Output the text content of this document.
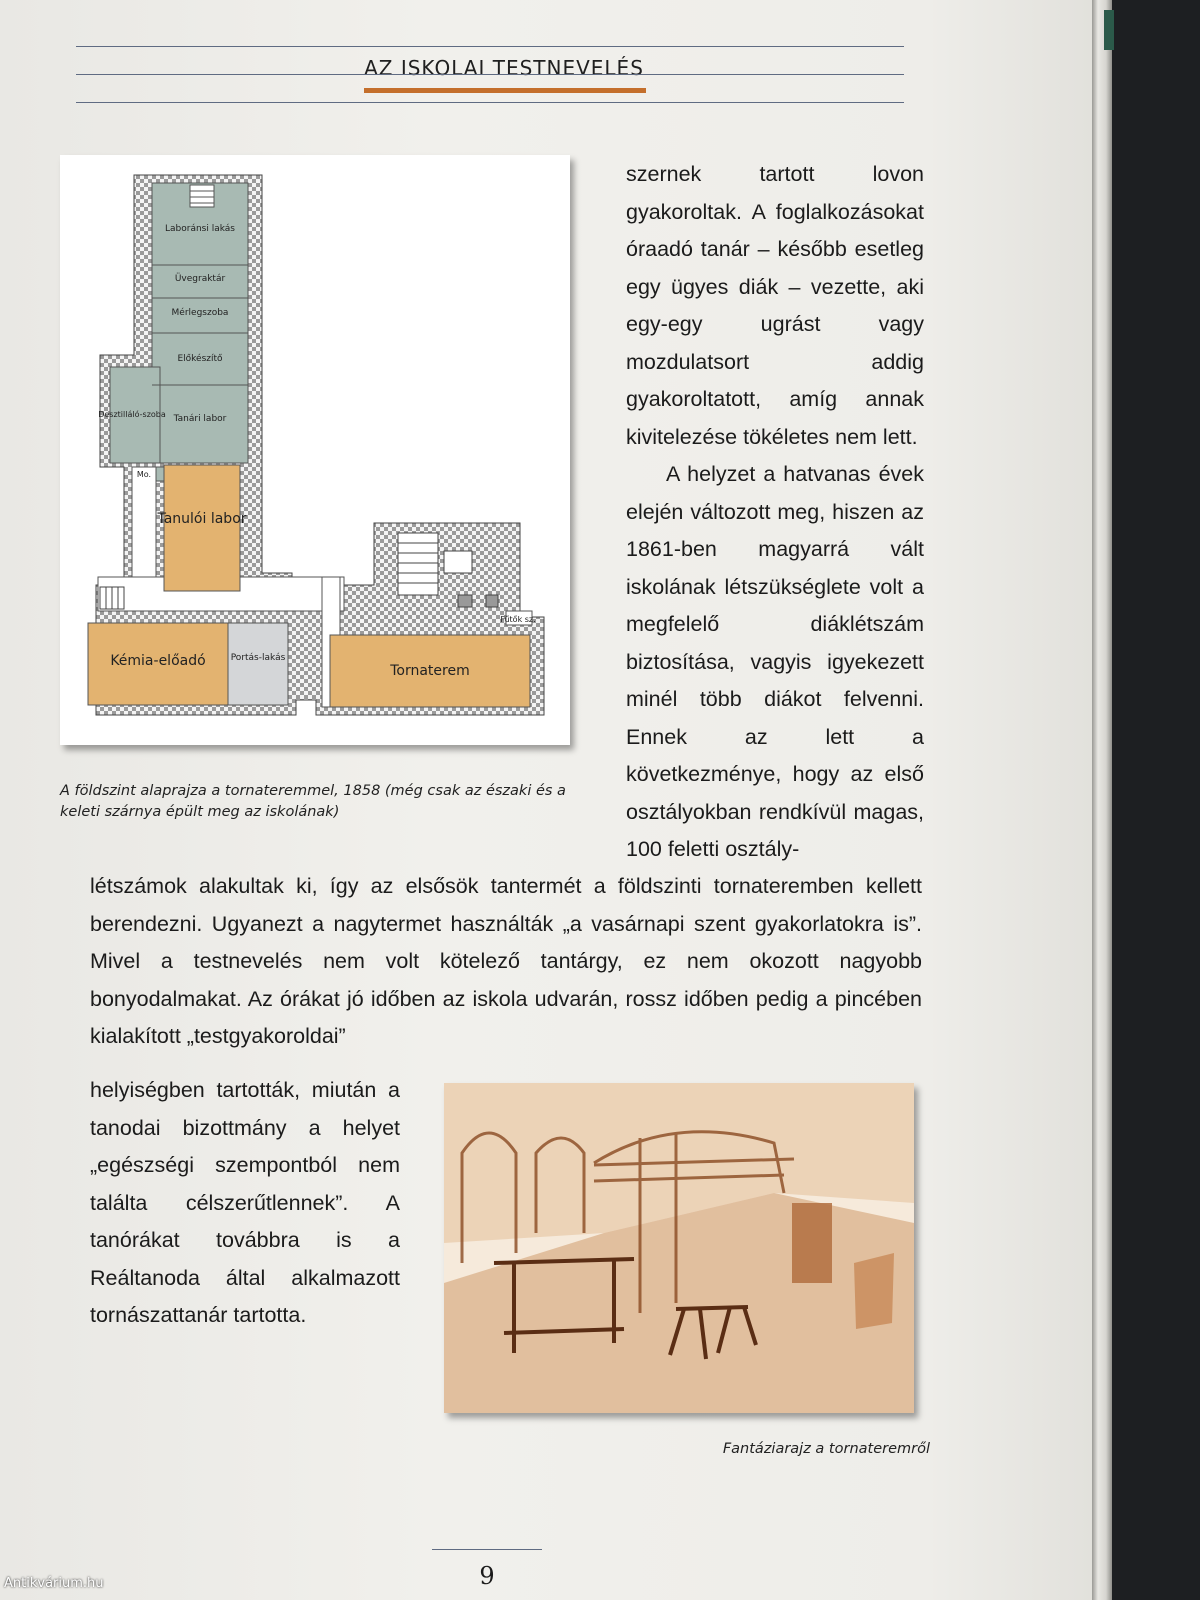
AZ ISKOLAI TESTNEVELÉS
Laboránsi lakás
Üvegraktár
Mérlegszoba
Előkészítő
Tanári labor
Desztilláló-szoba
Mo.
Tanulói labor
Kémia-előadó	Portás-lakás
Tornaterem
Fűtők sz.
A földszint alaprajza a tornateremmel, 1858 (még csak az északi és a keleti szárnya épült meg az iskolának)

szernek tartott lovon gyakoroltak. A foglalkozásokat óraadó tanár – később esetleg egy ügyes diák – vezette, aki egy-egy ugrást vagy mozdulatsort addig gyakoroltatott, amíg annak kivitelezése tökéletes nem lett.

A helyzet a hatvanas évek elején változott meg, hiszen az 1861-ben magyarrá vált iskolának létszükséglete volt a megfelelő diáklétszám biztosítása, vagyis igyekezett minél több diákot felvenni. Ennek az lett a következménye, hogy az első osztályokban rendkívül magas, 100 feletti osztály-

létszámok alakultak ki, így az elsősök tantermét a földszinti tornateremben kellett berendezni. Ugyanezt a nagytermet használták „a vasárnapi szent gyakorlatokra is”. Mivel a testnevelés nem volt kötelező tantárgy, ez nem okozott nagyobb bonyodalmakat. Az órákat jó időben az iskola udvarán, rossz időben pedig a pincében kialakított „testgyakoroldai”
helyiségben tartották, miután a tanodai bizottmány a helyet „egészségi szempontból nem találta célszerűtlennek”. A tanórákat továbbra is a Reáltanoda által alkalmazott tornászattanár tartotta.
Fantáziarajz a tornateremről
9
Antikvárium.hu
